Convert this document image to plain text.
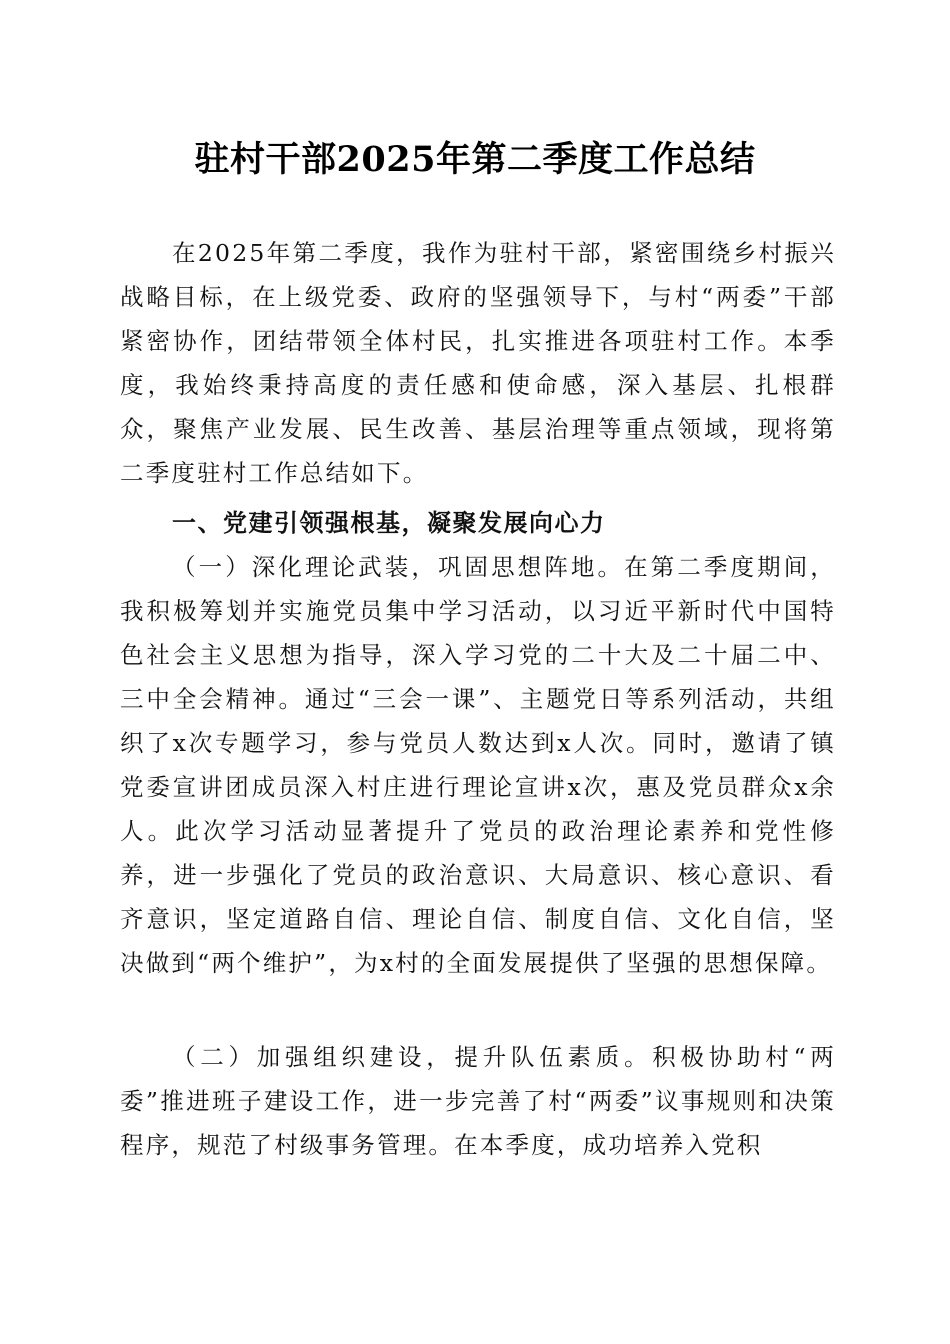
驻村干部2025年第二季度工作总结
在2025年第二季度，我作为驻村干部，紧密围绕乡村振兴战略目标，在上级党委、政府的坚强领导下，与村“两委”干部紧密协作，团结带领全体村民，扎实推进各项驻村工作。本季度，我始终秉持高度的责任感和使命感，深入基层、扎根群众，聚焦产业发展、民生改善、基层治理等重点领域，现将第二季度驻村工作总结如下。
一、党建引领强根基，凝聚发展向心力
（一）深化理论武装，巩固思想阵地。在第二季度期间，我积极筹划并实施党员集中学习活动，以习近平新时代中国特色社会主义思想为指导，深入学习党的二十大及二十届二中、三中全会精神。通过“三会一课”、主题党日等系列活动，共组织了x次专题学习，参与党员人数达到x人次。同时，邀请了镇党委宣讲团成员深入村庄进行理论宣讲x次，惠及党员群众x余人。此次学习活动显著提升了党员的政治理论素养和党性修养，进一步强化了党员的政治意识、大局意识、核心意识、看齐意识，坚定道路自信、理论自信、制度自信、文化自信，坚决做到“两个维护”，为x村的全面发展提供了坚强的思想保障。
（二）加强组织建设，提升队伍素质。积极协助村“两委”推进班子建设工作，进一步完善了村“两委”议事规则和决策程序，规范了村级事务管理。在本季度，成功培养入党积
